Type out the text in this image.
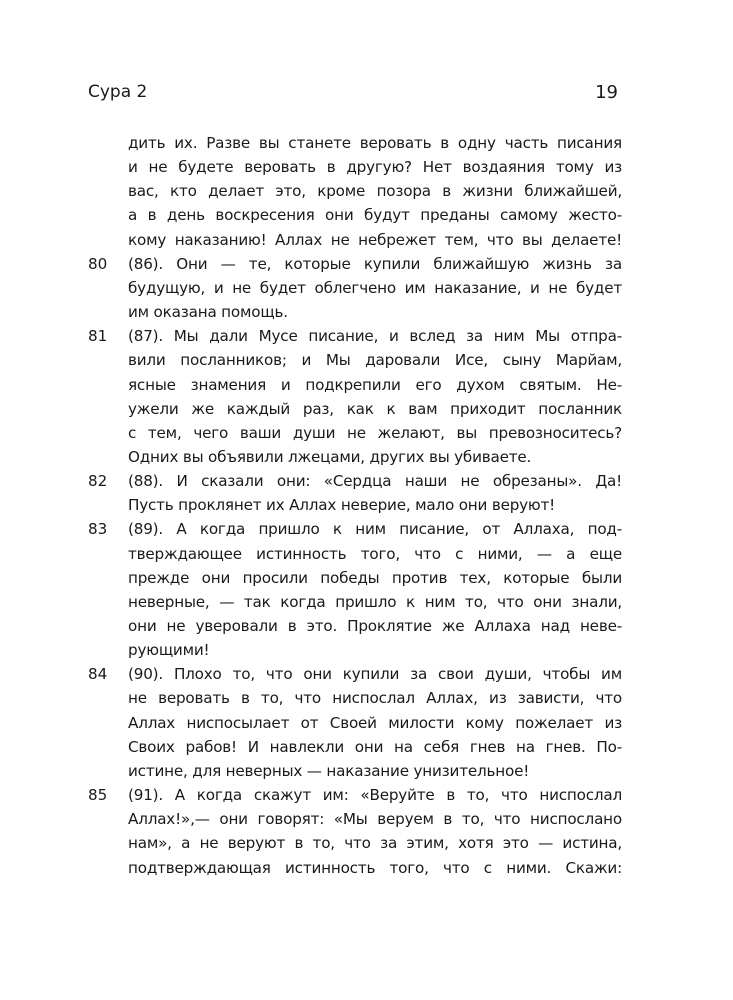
Сура 2	19
80
81
82
83
84
85
дить их. Разве вы станете веровать в одну часть писания
и не будете веровать в другую? Нет воздаяния тому из
вас, кто делает это, кроме позора в жизни ближайшей,
а в день воскресения они будут преданы самому жесто-
кому наказанию! Аллах не небрежет тем, что вы делаете!
(86). Они — те, которые купили ближайшую жизнь за
будущую, и не будет облегчено им наказание, и не будет
им оказана помощь.
(87). Мы дали Мусе писание, и вслед за ним Мы отпра-
вили посланников; и Мы даровали Исе, сыну Марйам,
ясные знамения и подкрепили его духом святым. Не-
ужели же каждый раз, как к вам приходит посланник
с тем, чего ваши души не желают, вы превозноситесь?
Одних вы объявили лжецами, других вы убиваете.
(88). И сказали они: «Сердца наши не обрезаны». Да!
Пусть проклянет их Аллах неверие, мало они веруют!
(89). А когда пришло к ним писание, от Аллаха, под-
тверждающее истинность того, что с ними, — а еще
прежде они просили победы против тех, которые были
неверные, — так когда пришло к ним то, что они знали,
они не уверовали в это. Проклятие же Аллаха над неве-
рующими!
(90). Плохо то, что они купили за свои души, чтобы им
не веровать в то, что ниспослал Аллах, из зависти, что
Аллах ниспосылает от Своей милости кому пожелает из
Своих рабов! И навлекли они на себя гнев на гнев. По-
истине, для неверных — наказание унизительное!
(91). А когда скажут им: «Веруйте в то, что ниспослал
Аллах!»,— они говорят: «Мы веруем в то, что ниспослано
нам», а не веруют в то, что за этим, хотя это — истина,
подтверждающая истинность того, что с ними. Скажи:
